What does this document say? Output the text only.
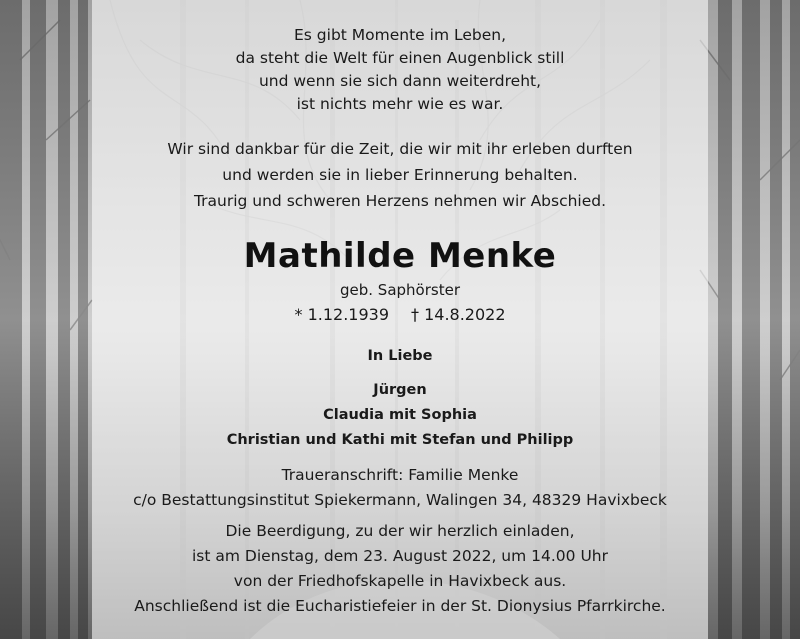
Es gibt Momente im Leben,
da steht die Welt für einen Augenblick still
und wenn sie sich dann weiterdreht,
ist nichts mehr wie es war.
Wir sind dankbar für die Zeit, die wir mit ihr erleben durften
und werden sie in lieber Erinnerung behalten.
Traurig und schweren Herzens nehmen wir Abschied.
Mathilde Menke
geb. Saphörster
* 1.12.1939 † 14.8.2022
In Liebe
Jürgen
Claudia mit Sophia
Christian und Kathi mit Stefan und Philipp
Traueranschrift: Familie Menke
c/o Bestattungsinstitut Spiekermann, Walingen 34, 48329 Havixbeck
Die Beerdigung, zu der wir herzlich einladen,
ist am Dienstag, dem 23. August 2022, um 14.00 Uhr
von der Friedhofskapelle in Havixbeck aus.
Anschließend ist die Eucharistiefeier in der St. Dionysius Pfarrkirche.
